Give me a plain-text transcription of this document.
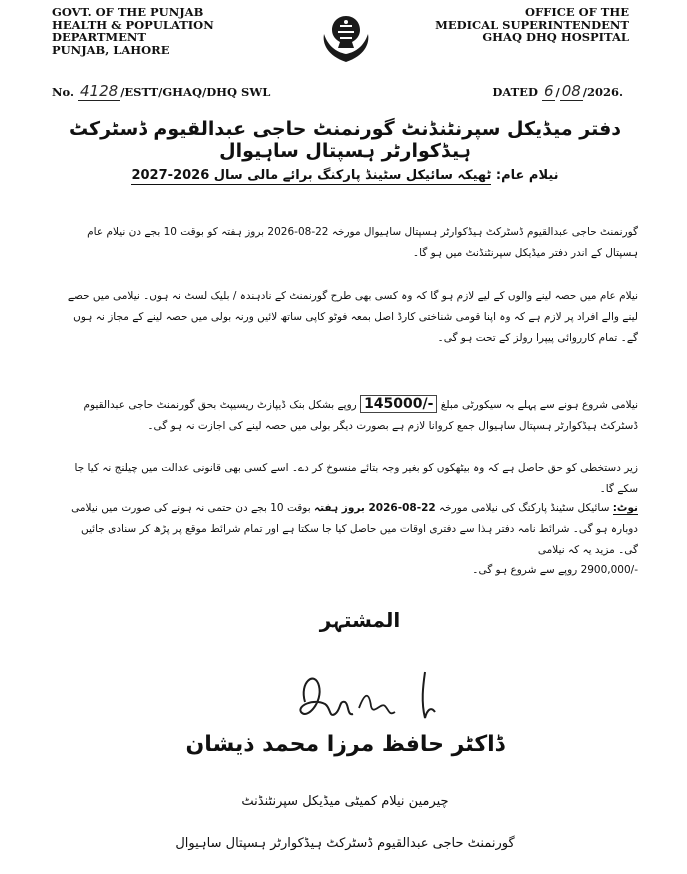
GOVT. OF THE PUNJAB
HEALTH & POPULATION
DEPARTMENT
PUNJAB, LAHORE
OFFICE OF THE
MEDICAL SUPERINTENDENT
GHAQ DHQ HOSPITAL
No. 4128 /ESTT/GHAQ/DHQ SWL	DATED 6 / 08 /2026.
دفتر میڈیکل سپرنٹنڈنٹ گورنمنٹ حاجی عبدالقیوم ڈسٹرکٹ ہیڈکوارٹر ہسپتال ساہیوال
نیلام عام: ٹھیکہ سائیکل سٹینڈ پارکنگ برائے مالی سال 2026-2027
گورنمنٹ حاجی عبدالقیوم ڈسٹرکٹ ہیڈکوارٹر ہسپتال ساہیوال مورخہ 22-08-2026 بروز ہفتہ کو بوقت 10 بجے دن نیلام عام ہسپتال کے اندر دفتر میڈیکل سپرنٹنڈنٹ میں ہو گا۔
نیلام عام میں حصہ لینے والوں کے لیے لازم ہو گا کہ وہ کسی بھی طرح گورنمنٹ کے نادہندہ / بلیک لسٹ نہ ہوں۔ نیلامی میں حصے لینے والے افراد پر لازم ہے کہ وہ اپنا قومی شناختی کارڈ اصل بمعہ فوٹو کاپی ساتھ لائیں ورنہ بولی میں حصہ لینے کے مجاز نہ ہوں گے۔ تمام کارروائی پیپرا رولز کے تحت ہو گی۔
نیلامی شروع ہونے سے پہلے بہ سیکورٹی مبلغ -/145000 روپے بشکل بنک ڈیپازٹ ریسیپٹ بحق گورنمنٹ حاجی عبدالقیوم ڈسٹرکٹ ہیڈکوارٹر ہسپتال ساہیوال جمع کروانا لازم ہے بصورت دیگر بولی میں حصہ لینے کی اجازت نہ ہو گی۔
زیر دستخطی کو حق حاصل ہے کہ وہ بیٹھکوں کو بغیر وجہ بتائے منسوخ کر دے۔ اسے کسی بھی قانونی عدالت میں چیلنج نہ کیا جا سکے گا۔
نوٹ: سائیکل سٹینڈ پارکنگ کی نیلامی مورخہ 22-08-2026 بروز ہفتہ بوقت 10 بجے دن حتمی نہ ہونے کی صورت میں نیلامی دوبارہ ہو گی۔ شرائط نامہ دفتر ہذا سے دفتری اوقات میں حاصل کیا جا سکتا ہے اور تمام شرائط موقع پر پڑھ کر سنادی جائیں گی۔ مزید یہ کہ نیلامی
-/2900,000 روپے سے شروع ہو گی۔
المشتہر
ڈاکٹر حافظ مرزا محمد ذیشان
چیرمین نیلام کمیٹی میڈیکل سپرنٹنڈنٹ
گورنمنٹ حاجی عبدالقیوم ڈسٹرکٹ ہیڈکوارٹر ہسپتال ساہیوال
